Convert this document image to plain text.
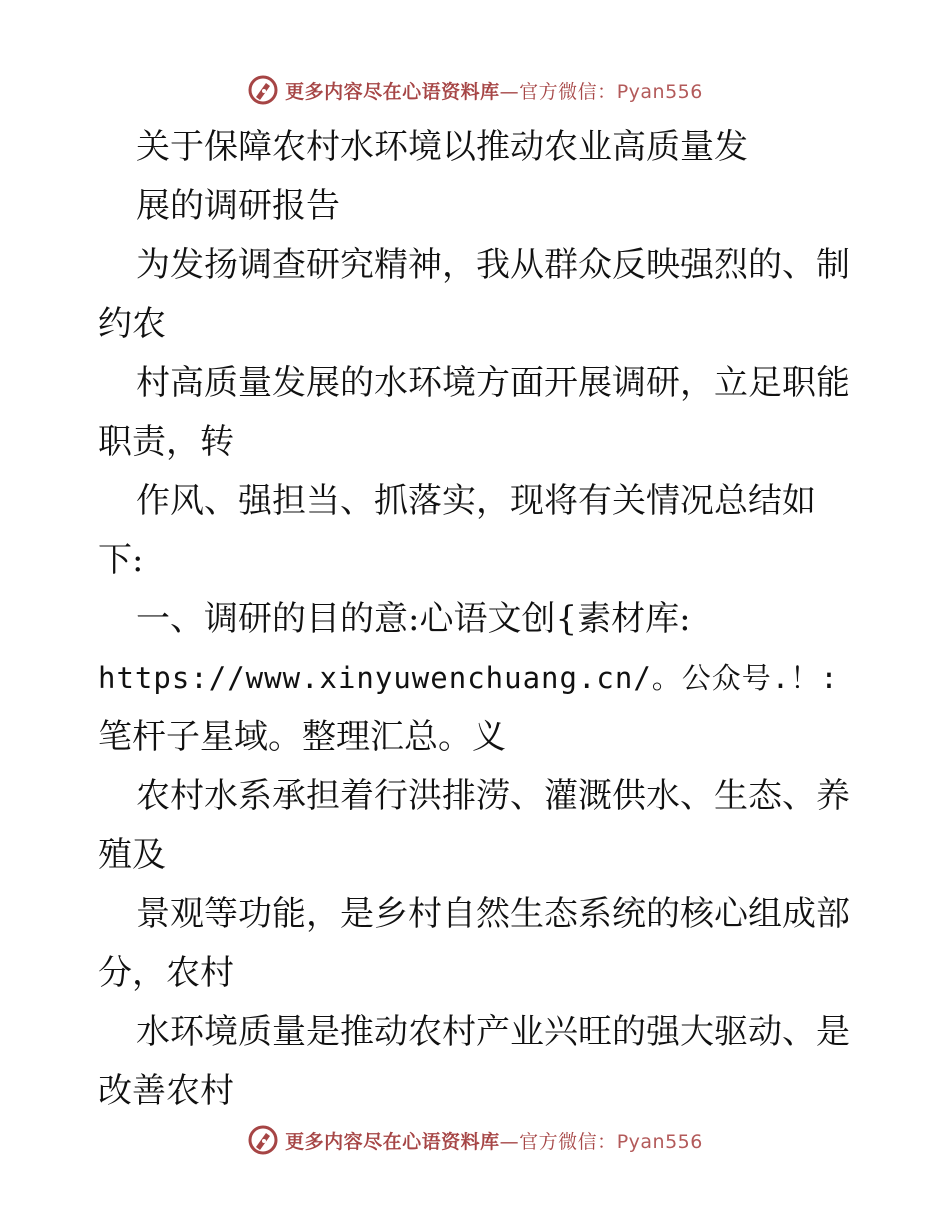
更多内容尽在心语资料库—官方微信：Pyan556
关于保障农村水环境以推动农业高质量发
展的调研报告
为发扬调查研究精神，我从群众反映强烈的、制
约农
村高质量发展的水环境方面开展调研，立足职能
职责，转
作风、强担当、抓落实，现将有关情况总结如
下:
一、调研的目的意:心语文创{素材库:
https://www.xinyuwenchuang.cn/。公众号.！:
笔杆子星域。整理汇总。义
农村水系承担着行洪排涝、灌溉供水、生态、养
殖及
景观等功能，是乡村自然生态系统的核心组成部
分，农村
水环境质量是推动农村产业兴旺的强大驱动、是
改善农村
更多内容尽在心语资料库—官方微信：Pyan556
